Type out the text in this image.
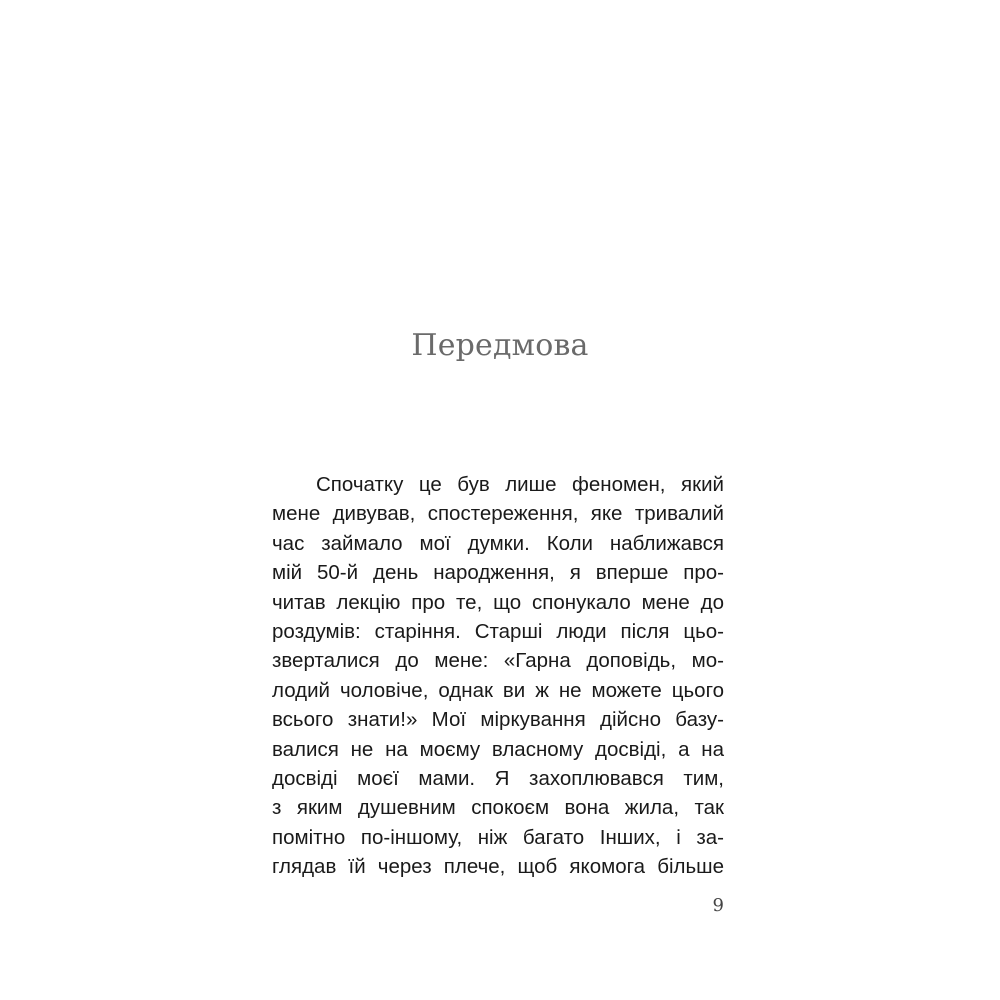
Передмова
Спочатку це був лише феномен, який
мене дивував, спостереження, яке тривалий
час займало мої думки. Коли наближався
мій 50-й день народження, я вперше про-
читав лекцію про те, що спонукало мене до
роздумів: старіння. Старші люди після цьо-
зверталися до мене: «Гарна доповідь, мо-
лодий чоловіче, однак ви ж не можете цього
всього знати!» Мої міркування дійсно базу-
валися не на моєму власному досвіді, а на
досвіді моєї мами. Я захоплювався тим,
з яким душевним спокоєм вона жила, так
помітно по-іншому, ніж багато Інших, і за-
глядав їй через плече, щоб якомога більше
9
